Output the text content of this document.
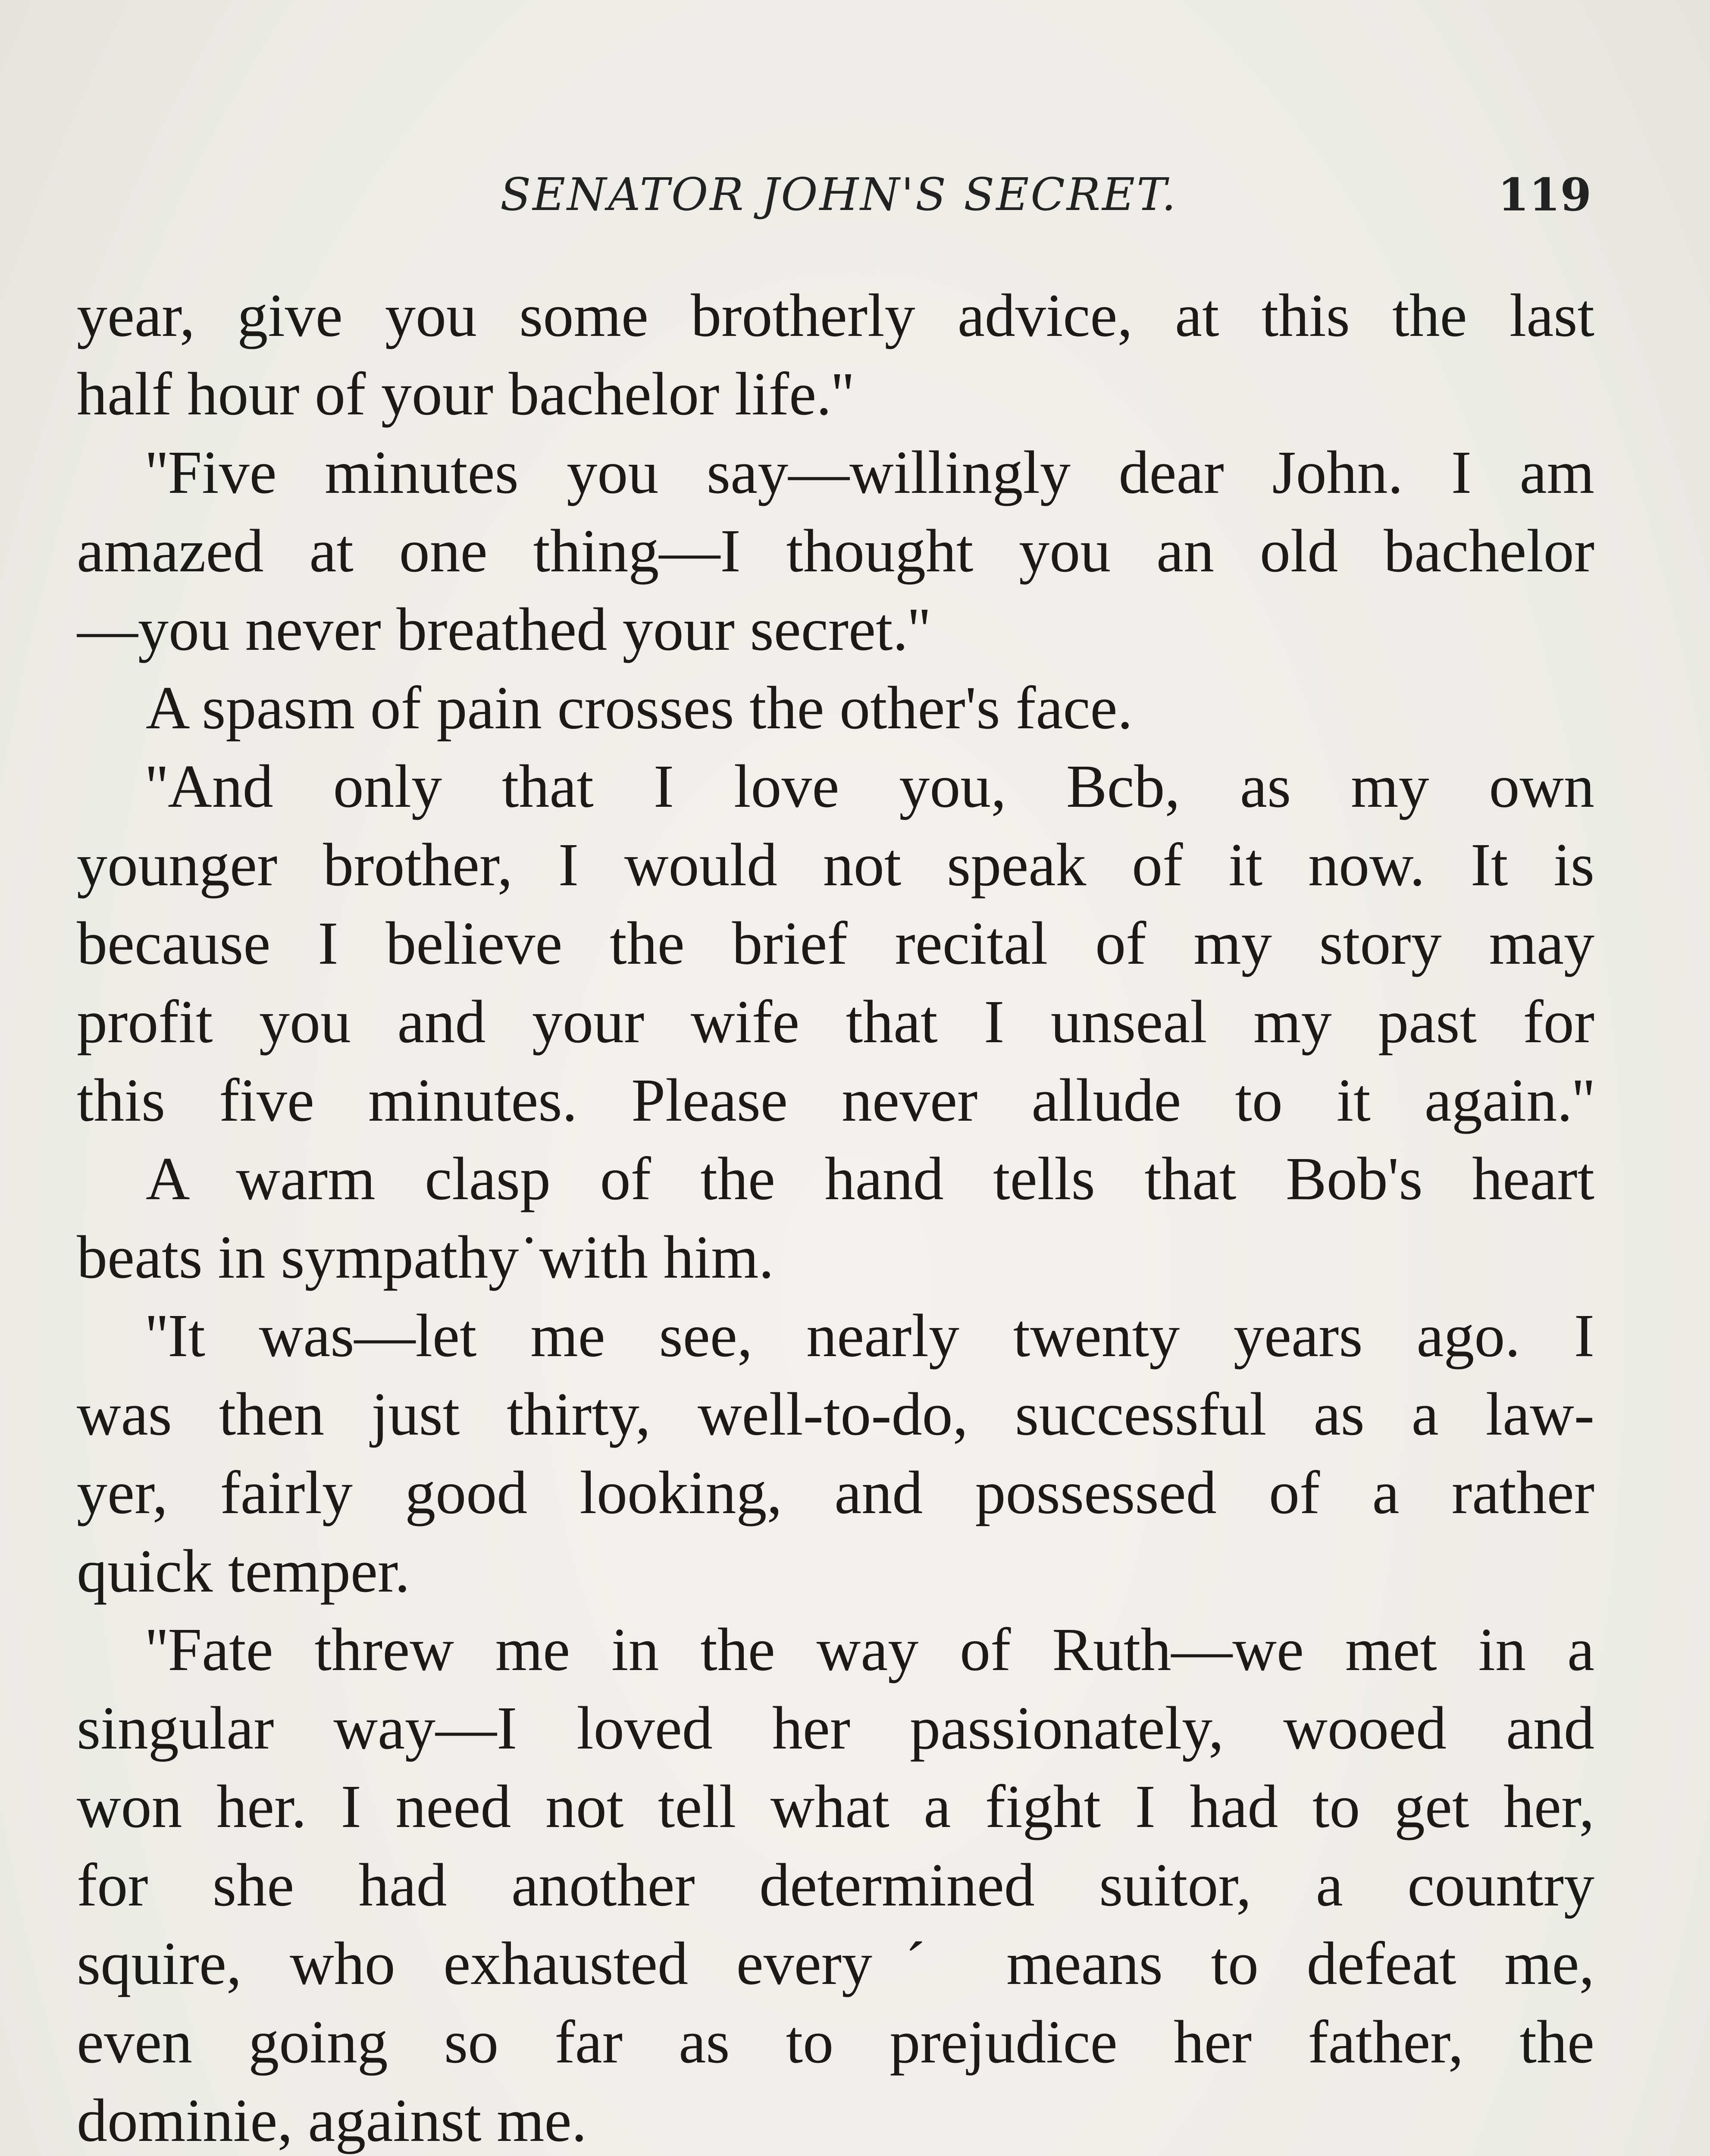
SENATOR JOHN'S SECRET.	119
year, give you some brotherly advice, at this the last
half hour of your bachelor life.''
''Five minutes you say—willingly dear John. I am
amazed at one thing—I thought you an old bachelor
—you never breathed your secret.''
A spasm of pain crosses the other's face.
''And only that I love you, Bcb, as my own
younger brother, I would not speak of it now. It is
because I believe the brief recital of my story may
profit you and your wife that I unseal my past for
this five minutes. Please never allude to it again.''
A warm clasp of the hand tells that Bob's heart
beats in sympathy˙with him.
''It was—let me see, nearly twenty years ago. I
was then just thirty, well-to-do, successful as a law-
yer, fairly good looking, and possessed of a rather
quick temper.
''Fate threw me in the way of Ruth—we met in a
singular way—I loved her passionately, wooed and
won her. I need not tell what a fight I had to get her,
for she had another determined suitor, a country
squire, who exhausted everyˊ means to defeat me,
even going so far as to prejudice her father, the
dominie, against me.
